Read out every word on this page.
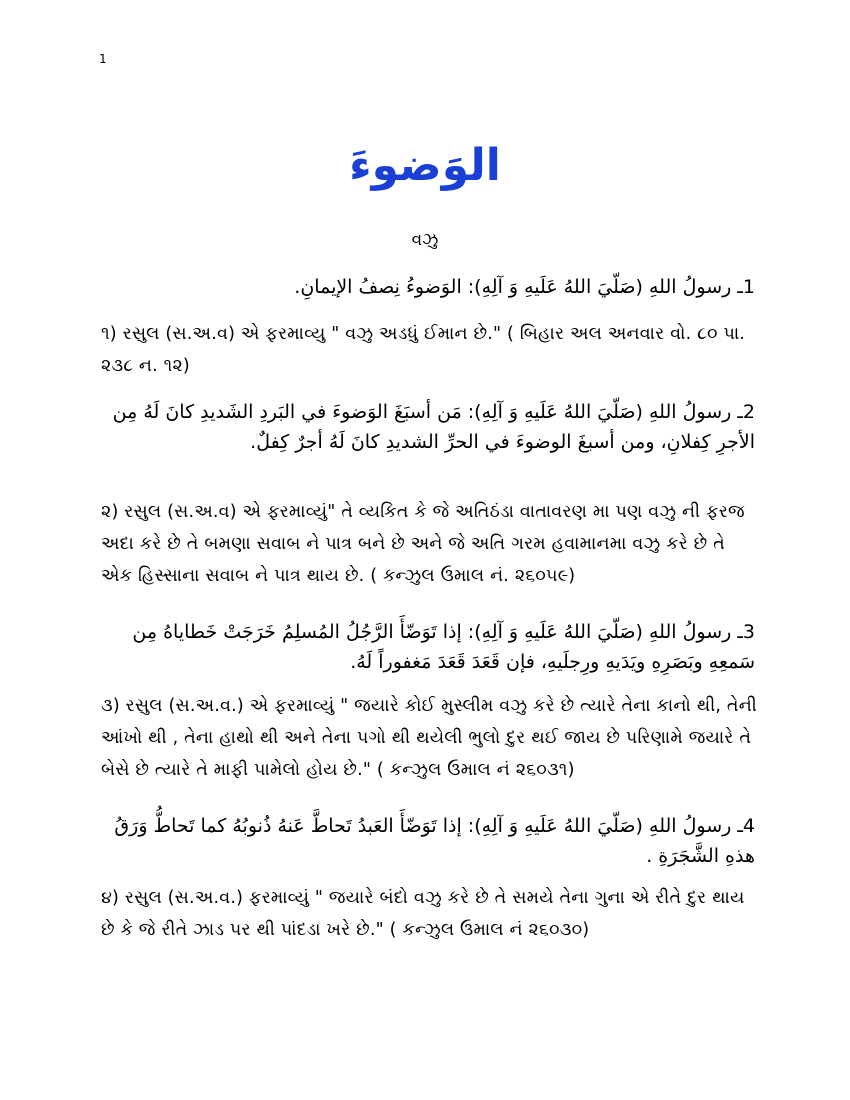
1
الوَضوءَ
વઝુ
1ـ رسولُ اللهِ (صَلّيَ اللهُ عَلَيهِ وَ آلِهِ): الوَضوءُ نِصفُ الإيمانِ.
૧) રસુલ (સ.અ.વ) એ ફરમાવ્યુ " વઝુ અડધું ઈમાન છે." ( બિહાર અલ અનવાર વો. ૮૦ પા. ૨૩૮ ન. ૧૨)
2ـ رسولُ اللهِ (صَلّيَ اللهُ عَلَيهِ وَ آلِهِ): مَن أسبَغَ الوَضوءَ في البَردِ الشَديدِ كانَ لَهُ مِن الأجرِ كِفلانِ، ومن أسبغَ الوضوءَ في الحرِّ الشديدِ كانَ لَهُ أجرٌ كِفلٌ.
૨) રસુલ (સ.અ.વ) એ ફરમાવ્યું" તે વ્યકિત કે જે અતિઠંડા વાતાવરણ મા પણ વઝુ ની ફરજ અદા કરે છે તે બમણા સવાબ ને પાત્ર બને છે અને જે અતિ ગરમ હવામાનમા વઝુ કરે છે તે એક હિસ્સાના સવાબ ને પાત્ર થાય છે. ( કન્ઝુલ ઉમાલ નં. ૨૬૦૫૯)
3ـ رسولُ اللهِ (صَلّيَ اللهُ عَلَيهِ وَ آلِهِ): إذا تَوَضّأَ الرَّجُلُ المُسلِمُ خَرَجَتْ خَطاياهُ مِن سَمعِهِ وبَصَرِهِ ويَدَيهِ ورِجلَيهِ، فإن قَعَدَ قَعَدَ مَغفوراً لَهُ.
૩) રસુલ (સ.અ.વ.) એ ફરમાવ્યું " જયારે કોઈ મુસ્લીમ વઝુ કરે છે ત્યારે તેના કાનો થી, તેની આંખો થી , તેના હાથો થી અને તેના પગો થી થયેલી ભુલો દુર થઈ જાય છે પરિણામે જયારે તે બેસે છે ત્યારે તે માફી પામેલો હોય છે." ( કન્ઝુલ ઉમાલ નં ૨૬૦૩૧)
4ـ رسولُ اللهِ (صَلّيَ اللهُ عَلَيهِ وَ آلِهِ): إذا تَوَضّأَ العَبدُ تَحاطَّ عَنهُ ذُنوبُهُ كما تَحاطُّ وَرَقُ هذهِ الشَّجَرَةِ .
૪) રસુલ (સ.અ.વ.) ફરમાવ્યું " જયારે બંદો વઝુ કરે છે તે સમયે તેના ગુના એ રીતે દુર થાય છે કે જે રીતે ઝાડ પર થી પાંદડા ખરે છે." ( કન્ઝુલ ઉમાલ નં ૨૬૦૩૦)
